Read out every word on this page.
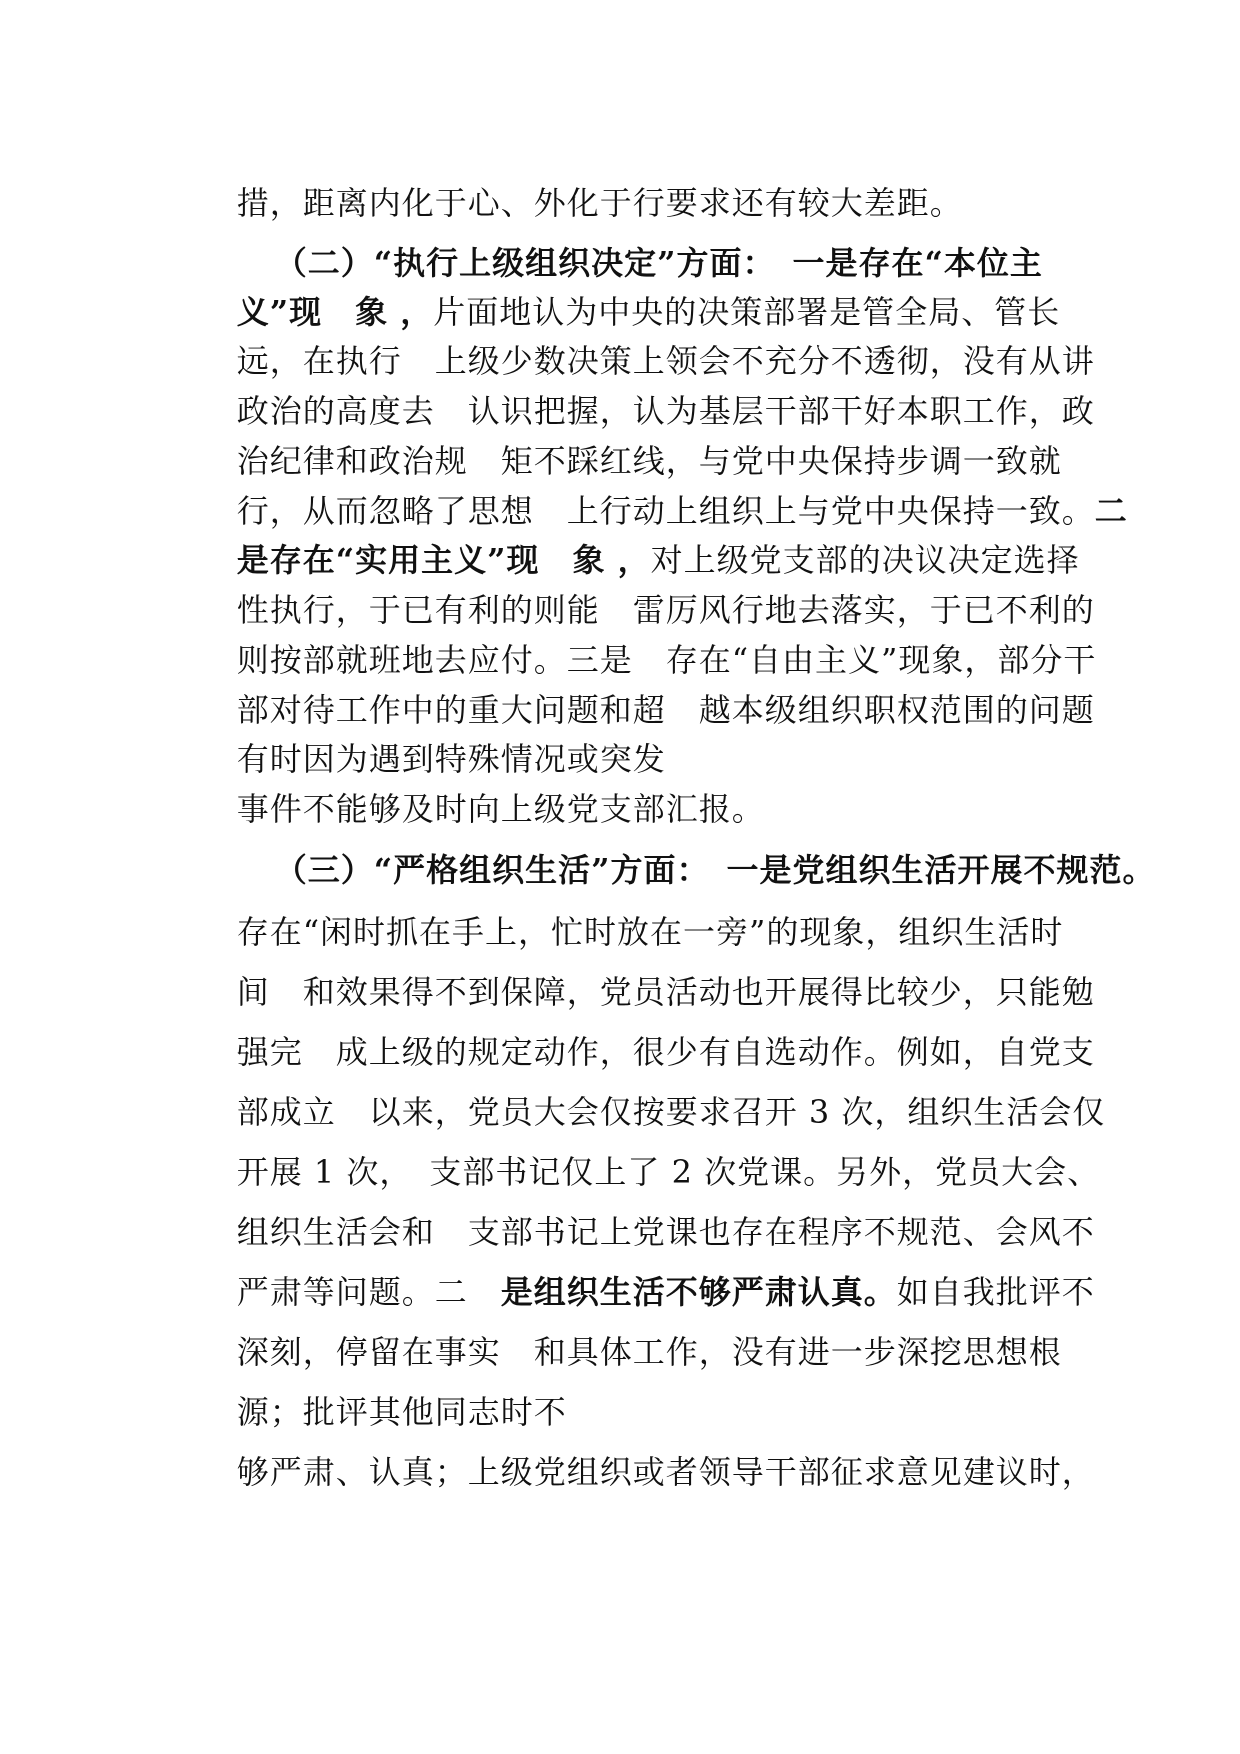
措，距离内化于心、外化于行要求还有较大差距。

（二）“执行上级组织决定”方面：　一是存在“本位主

义”现　象 ，片面地认为中央的决策部署是管全局、管长

远，在执行　上级少数决策上领会不充分不透彻，没有从讲

政治的高度去　认识把握，认为基层干部干好本职工作，政

治纪律和政治规　矩不踩红线，与党中央保持步调一致就

行，从而忽略了思想　上行动上组织上与党中央保持一致。二

是存在“实用主义”现　象 ，对上级党支部的决议决定选择

性执行，于已有利的则能　雷厉风行地去落实，于已不利的

则按部就班地去应付。三是　存在“自由主义”现象，部分干

部对待工作中的重大问题和超　越本级组织职权范围的问题

有时因为遇到特殊情况或突发

事件不能够及时向上级党支部汇报。

（三）“严格组织生活”方面：　一是党组织生活开展不规范。

存在“闲时抓在手上，忙时放在一旁”的现象，组织生活时

间　和效果得不到保障，党员活动也开展得比较少，只能勉

强完　成上级的规定动作，很少有自选动作。例如，自党支

部成立　以来，党员大会仅按要求召开 3 次，组织生活会仅

开展 1 次，　支部书记仅上了 2 次党课。另外，党员大会、

组织生活会和　支部书记上党课也存在程序不规范、会风不

严肃等问题。二　是组织生活不够严肃认真。如自我批评不

深刻，停留在事实　和具体工作，没有进一步深挖思想根

源；批评其他同志时不

够严肃、认真；上级党组织或者领导干部征求意见建议时，
